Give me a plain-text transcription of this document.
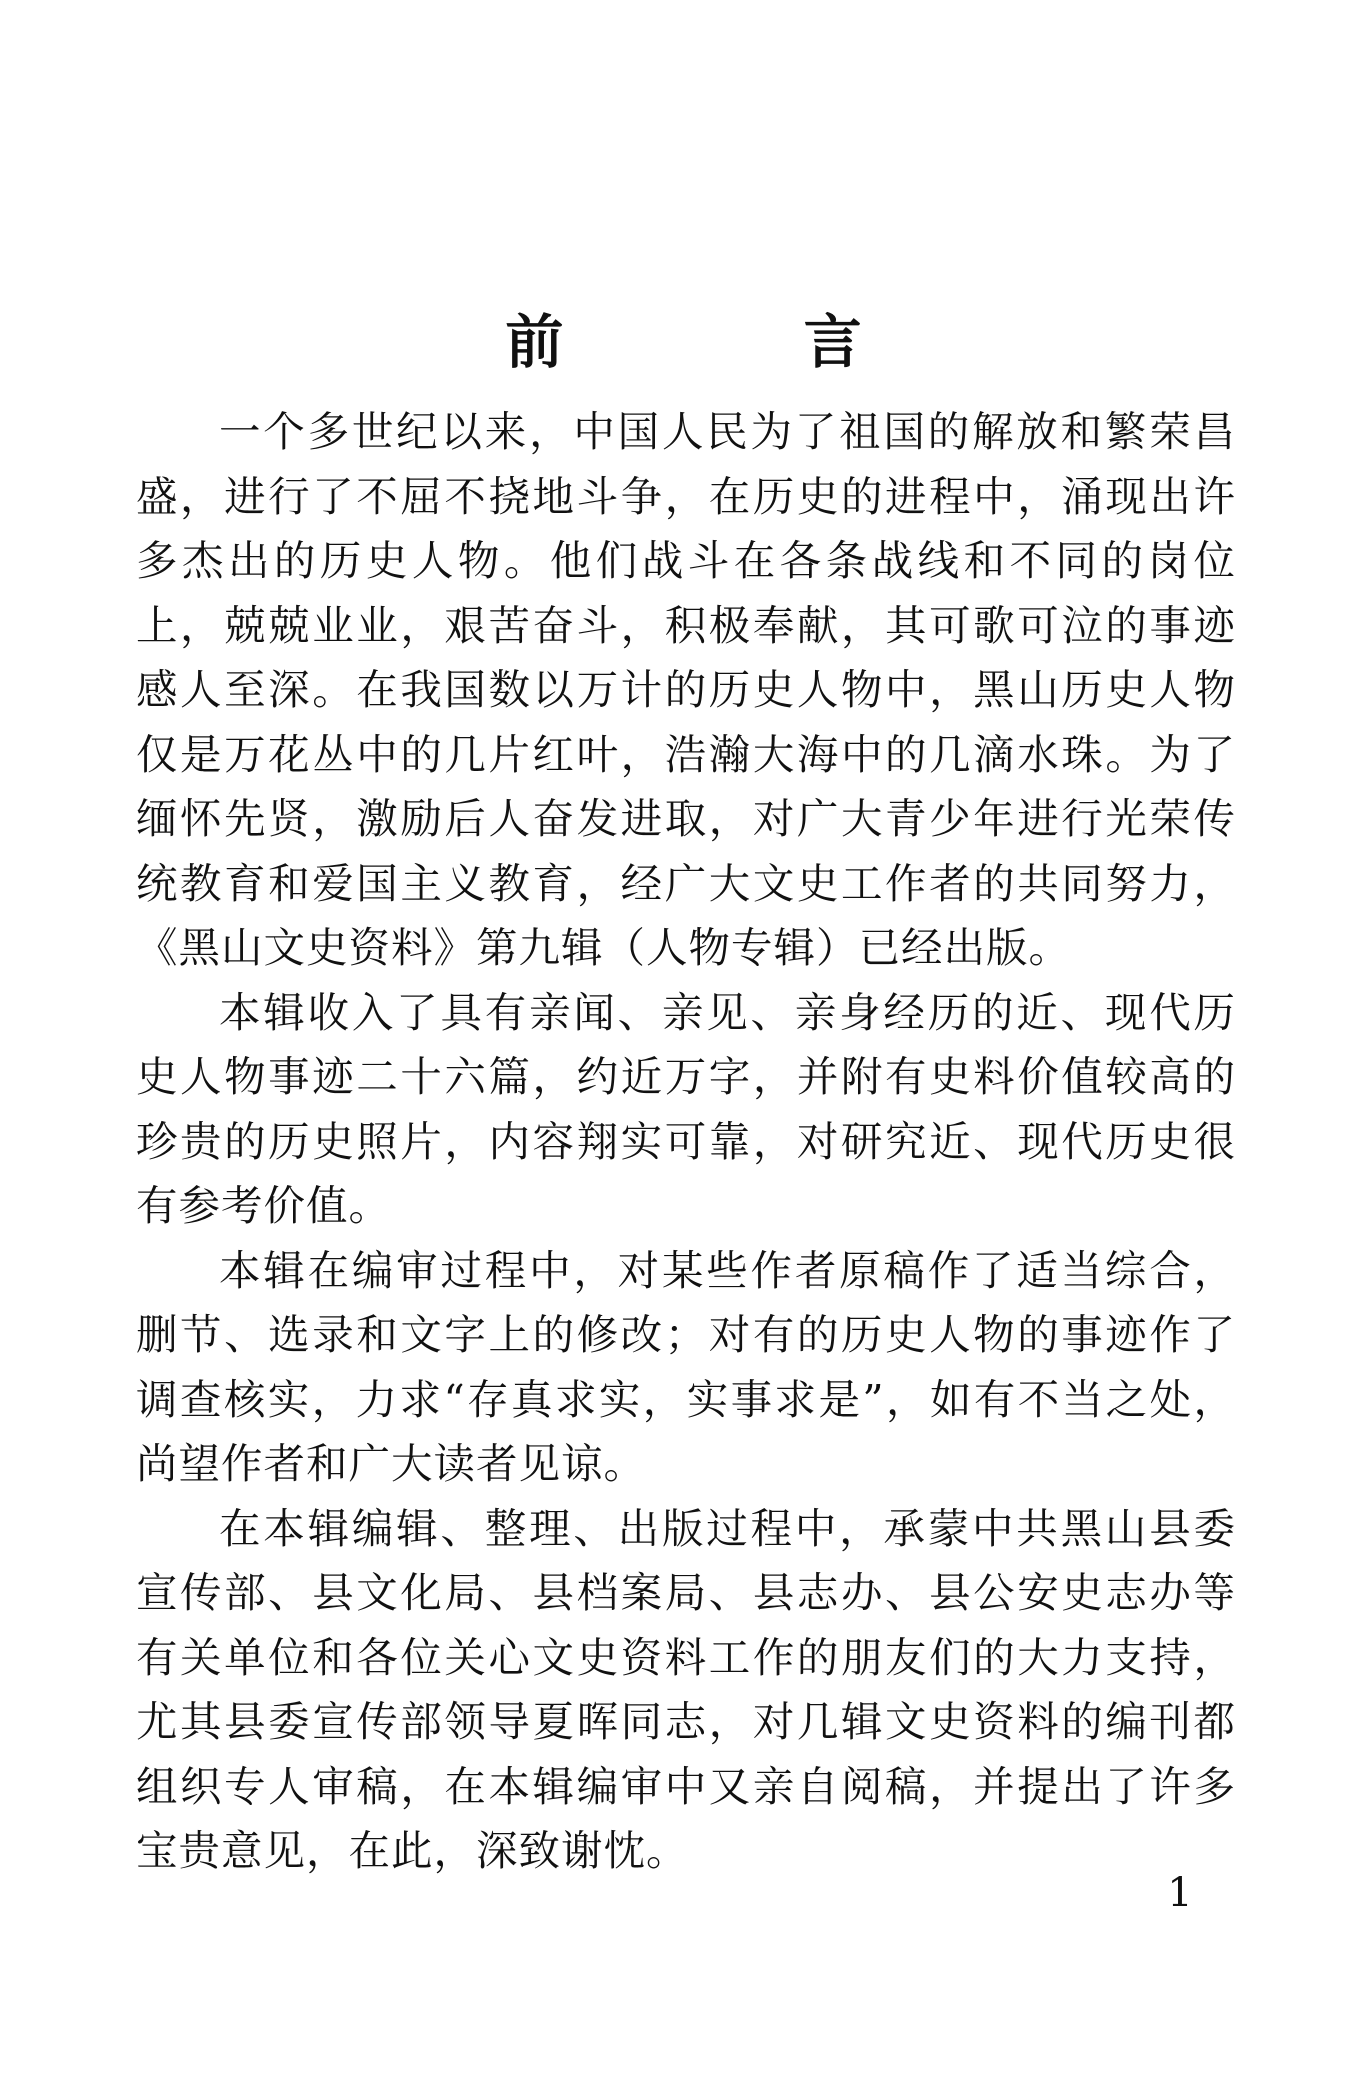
前 言

一个多世纪以来，中国人民为了祖国的解放和繁荣昌盛，进行了不屈不挠地斗争，在历史的进程中，涌现出许多杰出的历史人物。他们战斗在各条战线和不同的岗位上，兢兢业业，艰苦奋斗，积极奉献，其可歌可泣的事迹感人至深。在我国数以万计的历史人物中，黑山历史人物仅是万花丛中的几片红叶，浩瀚大海中的几滴水珠。为了缅怀先贤，激励后人奋发进取，对广大青少年进行光荣传统教育和爱国主义教育，经广大文史工作者的共同努力，《黑山文史资料》第九辑（人物专辑）已经出版。

本辑收入了具有亲闻、亲见、亲身经历的近、现代历史人物事迹二十六篇，约近万字，并附有史料价值较高的珍贵的历史照片，内容翔实可靠，对研究近、现代历史很有参考价值。

本辑在编审过程中，对某些作者原稿作了适当综合，删节、选录和文字上的修改；对有的历史人物的事迹作了调查核实，力求“存真求实，实事求是”，如有不当之处，尚望作者和广大读者见谅。

在本辑编辑、整理、出版过程中，承蒙中共黑山县委宣传部、县文化局、县档案局、县志办、县公安史志办等有关单位和各位关心文史资料工作的朋友们的大力支持，尤其县委宣传部领导夏晖同志，对几辑文史资料的编刊都组织专人审稿，在本辑编审中又亲自阅稿，并提出了许多宝贵意见，在此，深致谢忱。

1
